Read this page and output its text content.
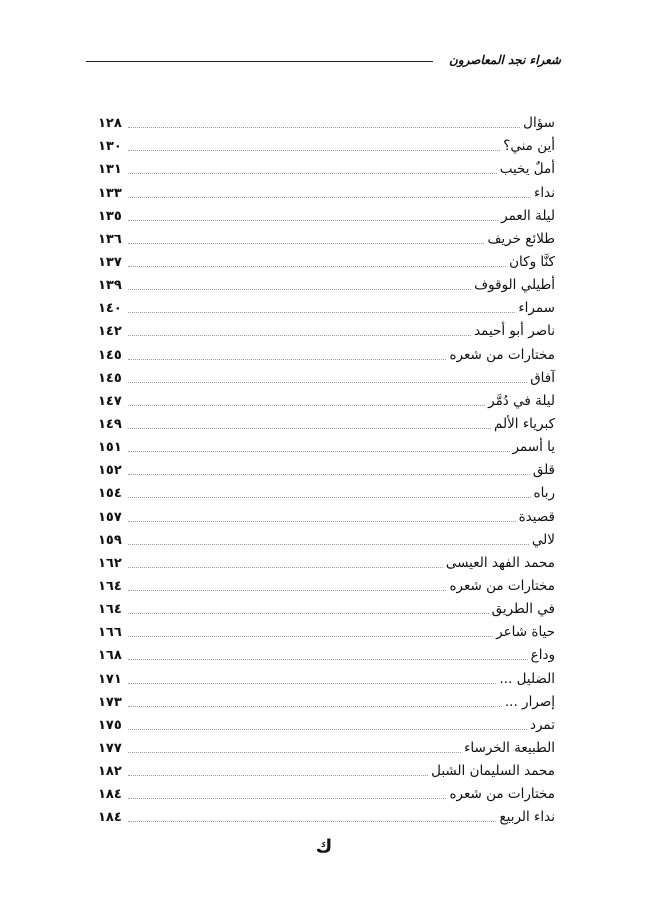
شعراء نجد المعاصرون
سؤال
١٢٨
أين مني؟
١٣٠
أملٌ يخيب
١٣١
نداء
١٣٣
ليلة العمر
١٣٥
طلائع خريف
١٣٦
كنَّا وكان
١٣٧
أطيلي الوقوف
١٣٩
سمراء
١٤٠
ناصر أبو أحيمد
١٤٢
مختارات من شعره
١٤٥
آفاق
١٤٥
ليلة في دُمَّر
١٤٧
كبرياء الألم
١٤٩
يا أسمر
١٥١
قلق
١٥٢
رباه
١٥٤
قصيدة
١٥٧
لالي
١٥٩
محمد الفهد العيسى
١٦٢
مختارات من شعره
١٦٤
في الطريق
١٦٤
حياة شاعر
١٦٦
وداع
١٦٨
الضليل ...
١٧١
إصرار ...
١٧٣
تمرد
١٧٥
الطبيعة الخرساء
١٧٧
محمد السليمان الشبل
١٨٢
مختارات من شعره
١٨٤
نداء الربيع
١٨٤
ك
